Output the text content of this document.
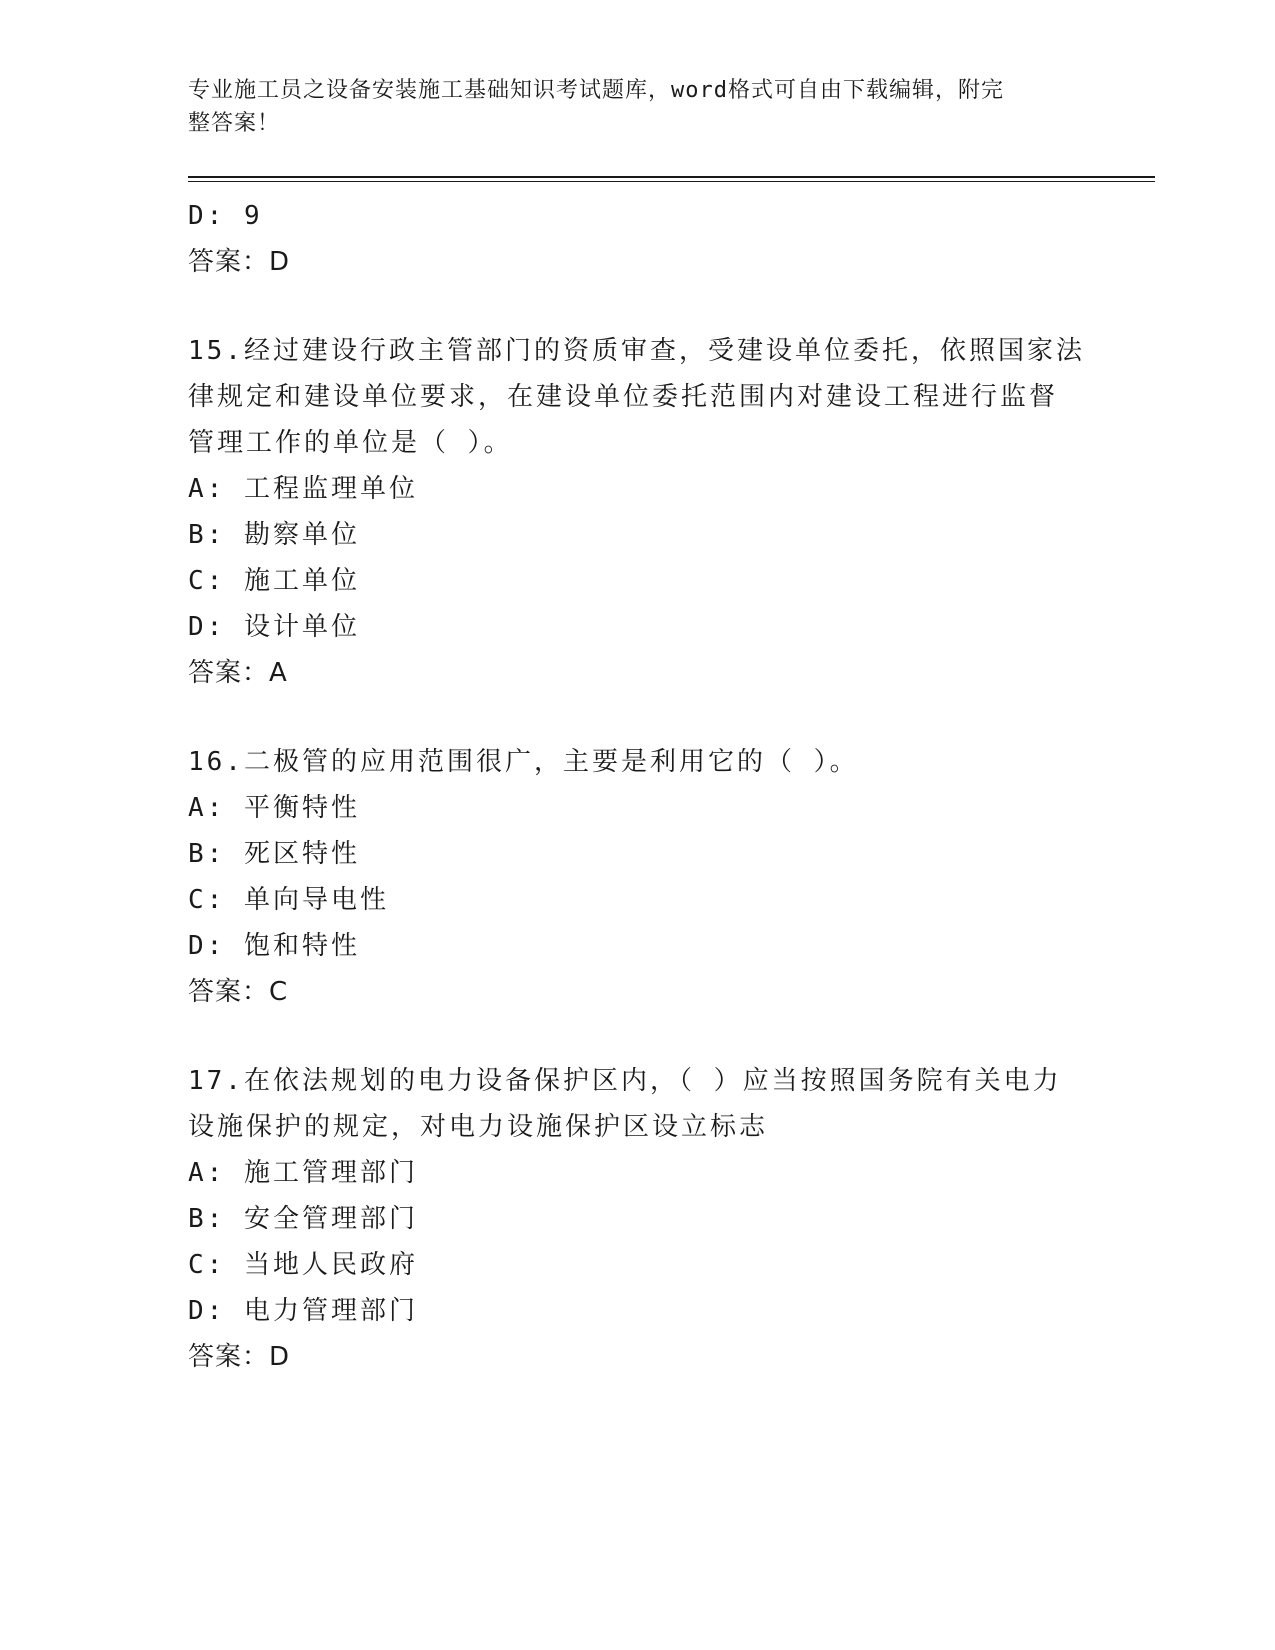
专业施工员之设备安装施工基础知识考试题库，word格式可自由下载编辑，附完
整答案！
D: 9
答案：D
15.经过建设行政主管部门的资质审查，受建设单位委托，依照国家法
律规定和建设单位要求，在建设单位委托范围内对建设工程进行监督
管理工作的单位是（ ）。
A: 工程监理单位
B: 勘察单位
C: 施工单位
D: 设计单位
答案：A
16.二极管的应用范围很广，主要是利用它的（ ）。
A: 平衡特性
B: 死区特性
C: 单向导电性
D: 饱和特性
答案：C
17.在依法规划的电力设备保护区内，（ ）应当按照国务院有关电力
设施保护的规定，对电力设施保护区设立标志
A: 施工管理部门
B: 安全管理部门
C: 当地人民政府
D: 电力管理部门
答案：D
